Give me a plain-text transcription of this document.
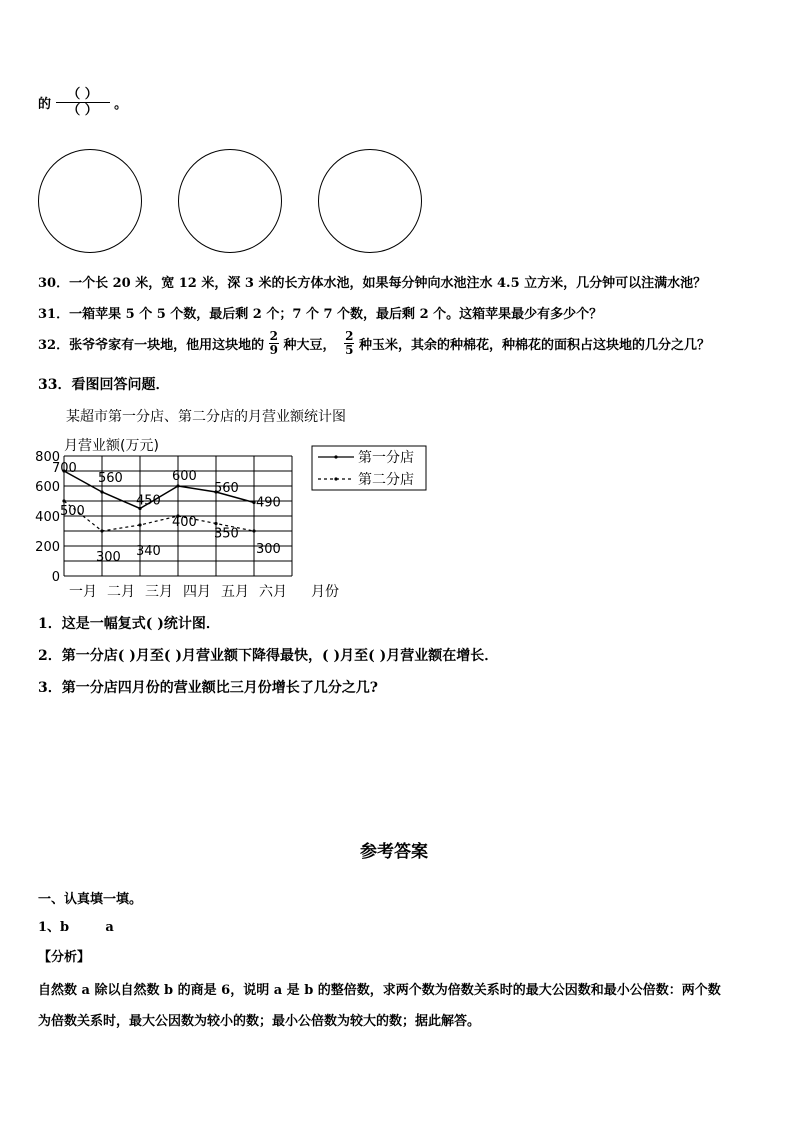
的 $\frac{( )}{( )}$ 。
30．一个长 20 米，宽 12 米，深 3 米的长方体水池，如果每分钟向水池注水 4.5 立方米，几分钟可以注满水池？
31．一箱苹果 5 个 5 个数，最后剩 2 个；7 个 7 个数，最后剩 2 个。这箱苹果最少有多少个？
32．张爷爷家有一块地，他用这块地的 $\frac{2}{9}$ 种大豆， $\frac{2}{5}$ 种玉米，其余的种棉花，种棉花的面积占这块地的几分之几？
33．看图回答问题．
某超市第一分店、第二分店的月营业额统计图
月营业额(万元)
0
200
400
600
800
一月 二月 三月 四月 五月 六月 月份
700
560
450
600
560
490
500
300 340
400
350
300
第一分店
第二分店
1．这是一幅复式( )统计图．
2．第一分店( )月至( )月营业额下降得最快，( )月至( )月营业额在增长．
3．第一分店四月份的营业额比三月份增长了几分之几?
参考答案
一、认真填一填。
1、b        a
【分析】
自然数 a 除以自然数 b 的商是 6，说明 a 是 b 的整倍数，求两个数为倍数关系时的最大公因数和最小公倍数：两个数
为倍数关系时，最大公因数为较小的数；最小公倍数为较大的数；据此解答。
